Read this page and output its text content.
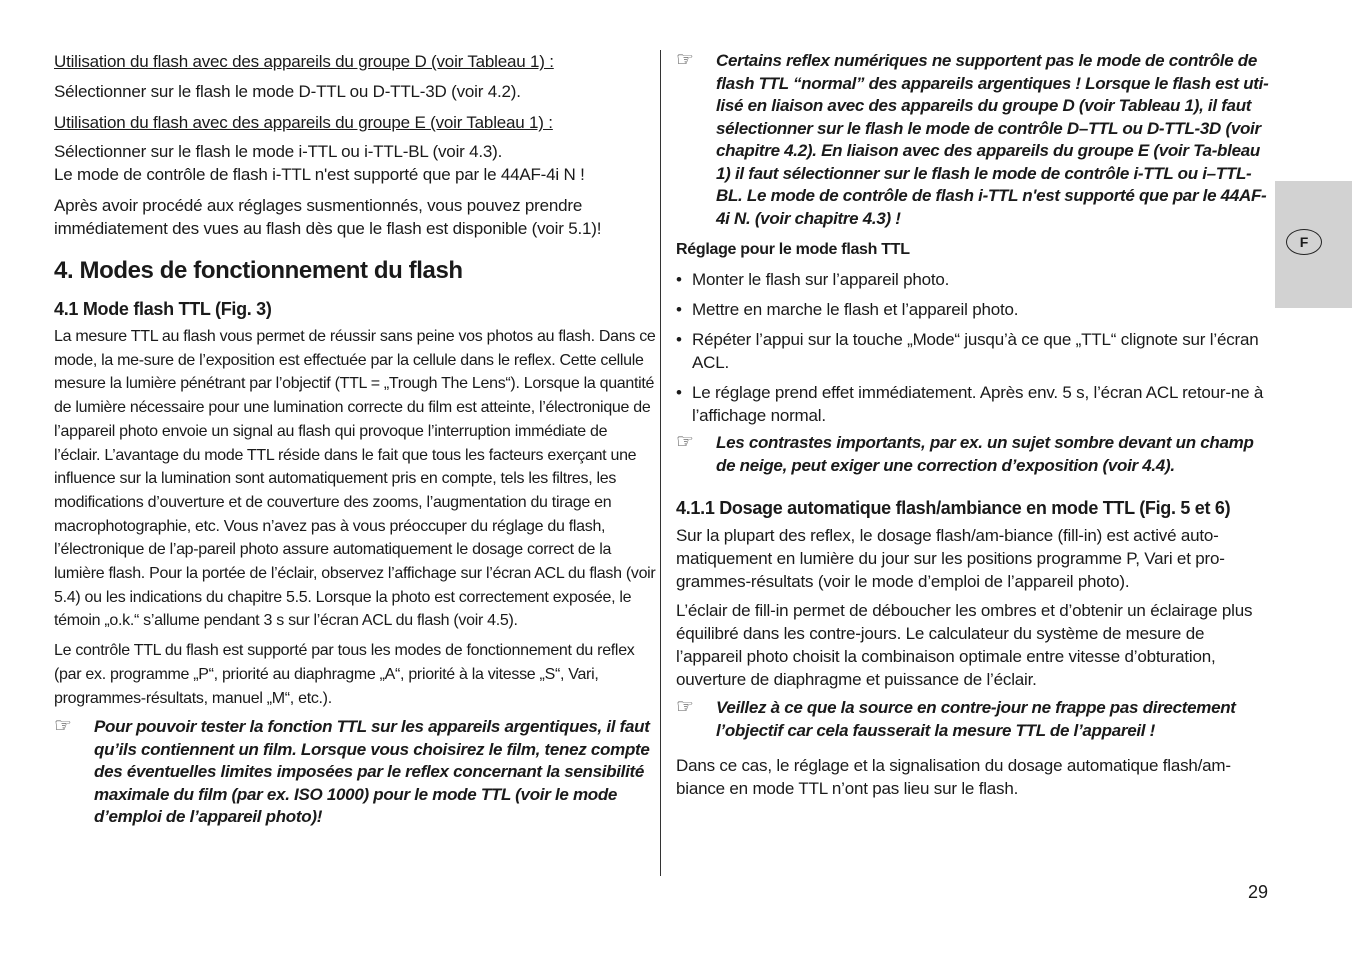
Utilisation du flash avec des appareils du groupe D (voir Tableau 1) :

Sélectionner sur le flash le mode D-TTL ou D-TTL-3D (voir 4.2).

Utilisation du flash avec des appareils du groupe E (voir Tableau 1) :

Sélectionner sur le flash le mode i-TTL ou i-TTL-BL (voir 4.3).

Le mode de contrôle de flash i-TTL n'est supporté que par le 44AF-4i N !

Après avoir procédé aux réglages susmentionnés, vous pouvez prendre immédiatement des vues au flash dès que le flash est disponible (voir 5.1)!

4. Modes de fonctionnement du flash
4.1 Mode flash TTL (Fig. 3)

La mesure TTL au flash vous permet de réussir sans peine vos photos au flash. Dans ce mode, la me-sure de l’exposition est effectuée par la cellule dans le reflex. Cette cellule mesure la lumière pénétrant par l’objectif (TTL = „Trough The Lens“). Lorsque la quantité de lumière nécessaire pour une lumination correcte du film est atteinte, l’électronique de l’appareil photo envoie un signal au flash qui provoque l’interruption immédiate de l’éclair. L’avantage du mode TTL réside dans le fait que tous les facteurs exerçant une influence sur la lumination sont automatiquement pris en compte, tels les filtres, les modifications d’ouverture et de couverture des zooms, l’augmentation du tirage en macrophotographie, etc. Vous n’avez pas à vous préoccuper du réglage du flash, l’électronique de l’ap-pareil photo assure automatiquement le dosage correct de la lumière flash. Pour la portée de l’éclair, observez l’affichage sur l’écran ACL du flash (voir 5.4) ou les indications du chapitre 5.5. Lorsque la photo est correctement exposée, le témoin „o.k.“ s’allume pendant 3 s sur l’écran ACL du flash (voir 4.5).

Le contrôle TTL du flash est supporté par tous les modes de fonctionnement du reflex (par ex. programme „P“, priorité au diaphragme „A“, priorité à la vitesse „S“, Vari, programmes-résultats, manuel „M“, etc.).

☞ Pour pouvoir tester la fonction TTL sur les appareils argentiques, il faut qu’ils contiennent un film. Lorsque vous choisirez le film, tenez compte des éventuelles limites imposées par le reflex concernant la sensibilité maximale du film (par ex. ISO 1000) pour le mode TTL (voir le mode d’emploi de l’appareil photo)!
☞ Certains reflex numériques ne supportent pas le mode de contrôle de flash TTL “normal” des appareils argentiques ! Lorsque le flash est uti-lisé en liaison avec des appareils du groupe D (voir Tableau 1), il faut sélectionner sur le flash le mode de contrôle D–TTL ou D-TTL-3D (voir chapitre 4.2). En liaison avec des appareils du groupe E (voir Ta-bleau 1) il faut sélectionner sur le flash le mode de contrôle i-TTL ou i–TTL-BL. Le mode de contrôle de flash i-TTL n'est supporté que par le 44AF-4i N. (voir chapitre 4.3) !
Réglage pour le mode flash TTL
• Monter le flash sur l’appareil photo.
• Mettre en marche le flash et l’appareil photo.
• Répéter l’appui sur la touche „Mode“ jusqu’à ce que „TTL“ clignote sur l’écran ACL.
• Le réglage prend effet immédiatement. Après env. 5 s, l’écran ACL retour-ne à l’affichage normal.
☞ Les contrastes importants, par ex. un sujet sombre devant un champ de neige, peut exiger une correction d’exposition (voir 4.4).
4.1.1 Dosage automatique flash/ambiance en mode TTL (Fig. 5 et 6)

Sur la plupart des reflex, le dosage flash/am-biance (fill-in) est activé auto-matiquement en lumière du jour sur les positions programme P, Vari et pro-grammes-résultats (voir le mode d’emploi de l’appareil photo).

L’éclair de fill-in permet de déboucher les ombres et d’obtenir un éclairage plus équilibré dans les contre-jours. Le calculateur du système de mesure de l’appareil photo choisit la combinaison optimale entre vitesse d’obturation, ouverture de diaphragme et puissance de l’éclair.

☞ Veillez à ce que la source en contre-jour ne frappe pas directement l’objectif car cela fausserait la mesure TTL de l’appareil !

Dans ce cas, le réglage et la signalisation du dosage automatique flash/am-biance en mode TTL n’ont pas lieu sur le flash.

F
29
